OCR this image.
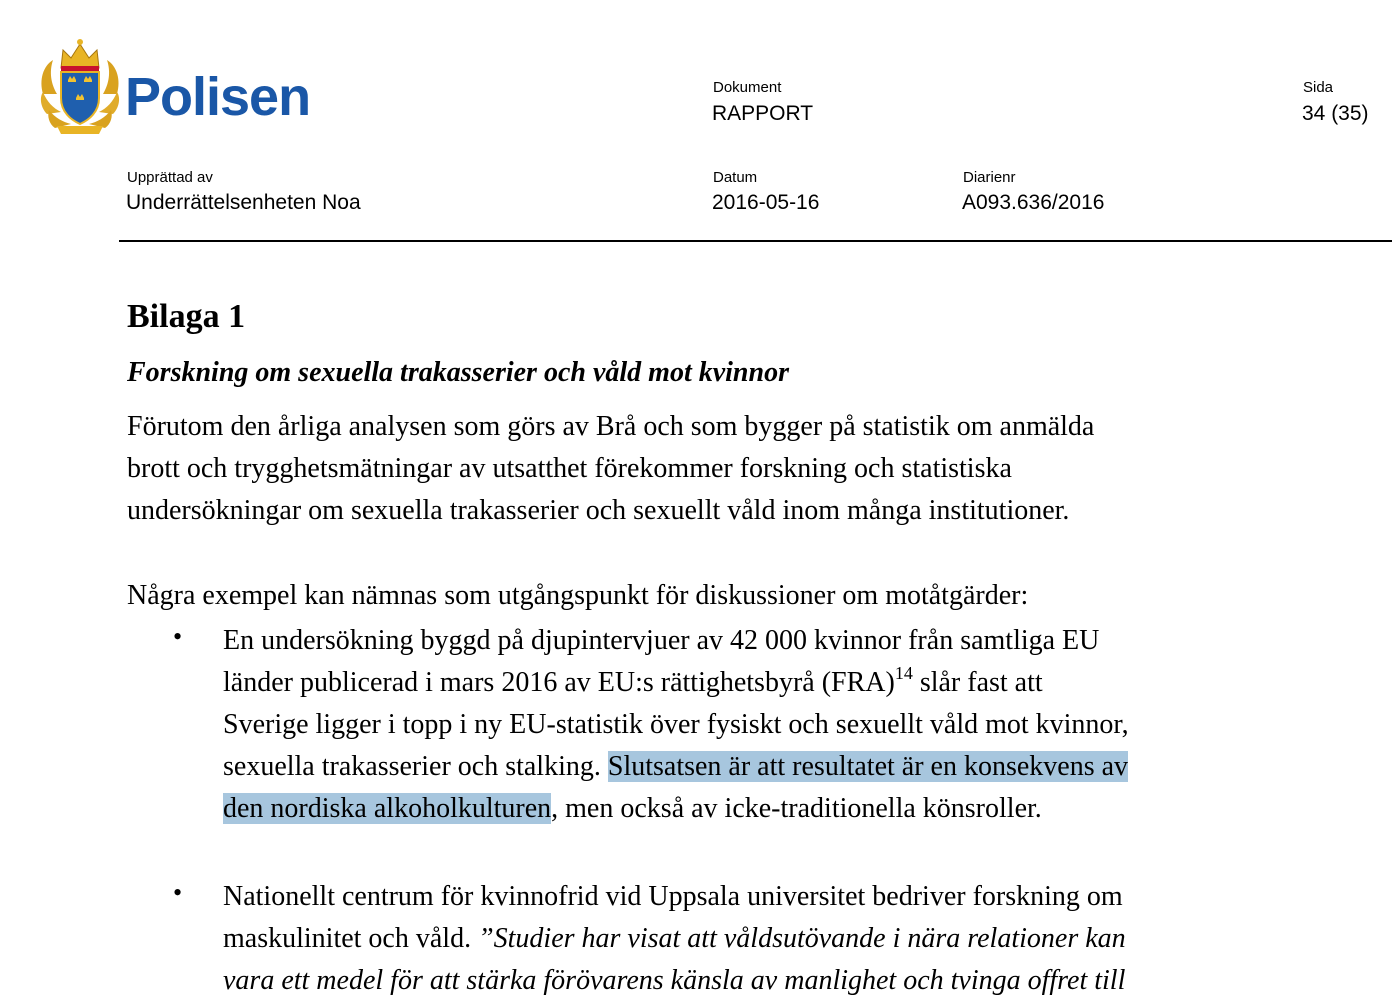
Polisen	Dokument
RAPPORT
Sida
34 (35)
Upprättad av
Underrättelsenheten Noa
Datum
2016-05-16
Diarienr
A093.636/2016
Bilaga 1
Forskning om sexuella trakasserier och våld mot kvinnor
Förutom den årliga analysen som görs av Brå och som bygger på statistik om anmälda
brott och trygghetsmätningar av utsatthet förekommer forskning och statistiska
undersökningar om sexuella trakasserier och sexuellt våld inom många institutioner.
Några exempel kan nämnas som utgångspunkt för diskussioner om motåtgärder:
• En undersökning byggd på djupintervjuer av 42 000 kvinnor från samtliga EU
länder publicerad i mars 2016 av EU:s rättighetsbyrå (FRA)$^{14}$ slår fast att
Sverige ligger i topp i ny EU-statistik över fysiskt och sexuellt våld mot kvinnor,
sexuella trakasserier och stalking. Slutsatsen är att resultatet är en konsekvens av
den nordiska alkoholkulturen, men också av icke-traditionella könsroller.
• Nationellt centrum för kvinnofrid vid Uppsala universitet bedriver forskning om
maskulinitet och våld. ”Studier har visat att våldsutövande i nära relationer kan
vara ett medel för att stärka förövarens känsla av manlighet och tvinga offret till
